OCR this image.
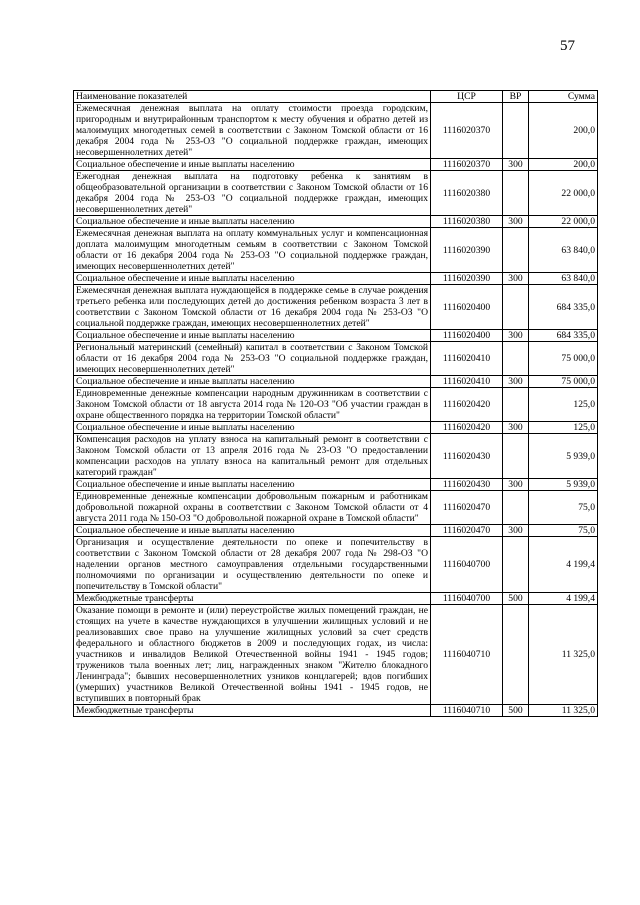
57
Наименование показателей	ЦСР	ВР	Сумма
Ежемесячная денежная выплата на оплату стоимости проезда городским, пригородным и внутрирайонным транспортом к месту обучения и обратно детей из малоимущих многодетных семей в соответствии с Законом Томской области от 16 декабря 2004 года № 253-ОЗ "О социальной поддержке граждан, имеющих несовершеннолетних детей"	1116020370		200,0
Социальное обеспечение и иные выплаты населению	1116020370	300	200,0
Ежегодная денежная выплата на подготовку ребенка к занятиям в общеобразовательной организации в соответствии с Законом Томской области от 16 декабря 2004 года № 253-ОЗ "О социальной поддержке граждан, имеющих несовершеннолетних детей"	1116020380		22 000,0
Социальное обеспечение и иные выплаты населению	1116020380	300	22 000,0
Ежемесячная денежная выплата на оплату коммунальных услуг и компенсационная доплата малоимущим многодетным семьям в соответствии с Законом Томской области от 16 декабря 2004 года № 253-ОЗ "О социальной поддержке граждан, имеющих несовершеннолетних детей"	1116020390		63 840,0
Социальное обеспечение и иные выплаты населению	1116020390	300	63 840,0
Ежемесячная денежная выплата нуждающейся в поддержке семье в случае рождения третьего ребенка или последующих детей до достижения ребенком возраста 3 лет в соответствии с Законом Томской области от 16 декабря 2004 года № 253-ОЗ "О социальной поддержке граждан, имеющих несовершеннолетних детей"	1116020400		684 335,0
Социальное обеспечение и иные выплаты населению	1116020400	300	684 335,0
Региональный материнский (семейный) капитал в соответствии с Законом Томской области от 16 декабря 2004 года № 253-ОЗ "О социальной поддержке граждан, имеющих несовершеннолетних детей"	1116020410		75 000,0
Социальное обеспечение и иные выплаты населению	1116020410	300	75 000,0
Единовременные денежные компенсации народным дружинникам в соответствии с Законом Томской области от 18 августа 2014 года № 120-ОЗ "Об участии граждан в охране общественного порядка на территории Томской области"	1116020420		125,0
Социальное обеспечение и иные выплаты населению	1116020420	300	125,0
Компенсация расходов на уплату взноса на капитальный ремонт в соответствии с Законом Томской области от 13 апреля 2016 года № 23-ОЗ "О предоставлении компенсации расходов на уплату взноса на капитальный ремонт для отдельных категорий граждан"	1116020430		5 939,0
Социальное обеспечение и иные выплаты населению	1116020430	300	5 939,0
Единовременные денежные компенсации добровольным пожарным и работникам добровольной пожарной охраны в соответствии с Законом Томской области от 4 августа 2011 года № 150-ОЗ "О добровольной пожарной охране в Томской области"	1116020470		75,0
Социальное обеспечение и иные выплаты населению	1116020470	300	75,0
Организация и осуществление деятельности по опеке и попечительству в соответствии с Законом Томской области от 28 декабря 2007 года № 298-ОЗ "О наделении органов местного самоуправления отдельными государственными полномочиями по организации и осуществлению деятельности по опеке и попечительству в Томской области"	1116040700		4 199,4
Межбюджетные трансферты	1116040700	500	4 199,4
Оказание помощи в ремонте и (или) переустройстве жилых помещений граждан, не стоящих на учете в качестве нуждающихся в улучшении жилищных условий и не реализовавших свое право на улучшение жилищных условий за счет средств федерального и областного бюджетов в 2009 и последующих годах, из числа: участников и инвалидов Великой Отечественной войны 1941 - 1945 годов; тружеников тыла военных лет; лиц, награжденных знаком "Жителю блокадного Ленинграда"; бывших несовершеннолетних узников концлагерей; вдов погибших (умерших) участников Великой Отечественной войны 1941 - 1945 годов, не вступивших в повторный брак	1116040710		11 325,0
Межбюджетные трансферты	1116040710	500	11 325,0
